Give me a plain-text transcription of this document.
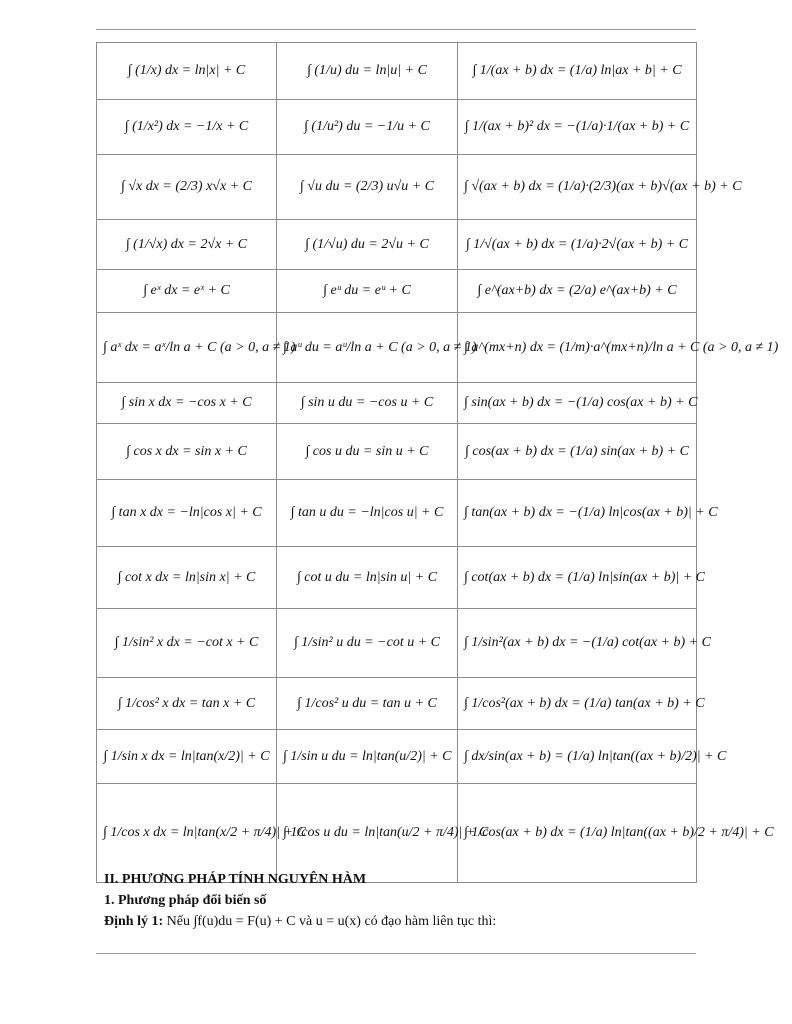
∫ (1/x) dx = ln|x| + C	∫ (1/u) du = ln|u| + C	∫ 1/(ax + b) dx = (1/a) ln|ax + b| + C
∫ (1/x²) dx = −1/x + C	∫ (1/u²) du = −1/u + C	∫ 1/(ax + b)² dx = −(1/a)·1/(ax + b) + C
∫ √x dx = (2/3) x√x + C	∫ √u du = (2/3) u√u + C	∫ √(ax + b) dx = (1/a)·(2/3)(ax + b)√(ax + b) + C
∫ (1/√x) dx = 2√x + C	∫ (1/√u) du = 2√u + C	∫ 1/√(ax + b) dx = (1/a)·2√(ax + b) + C
∫ eˣ dx = eˣ + C	∫ eᵘ du = eᵘ + C	∫ e^(ax+b) dx = (2/a) e^(ax+b) + C
∫ aˣ dx = aˣ/ln a + C (a > 0, a ≠ 1)	∫ aᵘ du = aᵘ/ln a + C (a > 0, a ≠ 1)	∫ a^(mx+n) dx = (1/m)·a^(mx+n)/ln a + C (a > 0, a ≠ 1)
∫ sin x dx = −cos x + C	∫ sin u du = −cos u + C	∫ sin(ax + b) dx = −(1/a) cos(ax + b) + C
∫ cos x dx = sin x + C	∫ cos u du = sin u + C	∫ cos(ax + b) dx = (1/a) sin(ax + b) + C
∫ tan x dx = −ln|cos x| + C	∫ tan u du = −ln|cos u| + C	∫ tan(ax + b) dx = −(1/a) ln|cos(ax + b)| + C
∫ cot x dx = ln|sin x| + C	∫ cot u du = ln|sin u| + C	∫ cot(ax + b) dx = (1/a) ln|sin(ax + b)| + C
∫ 1/sin² x dx = −cot x + C	∫ 1/sin² u du = −cot u + C	∫ 1/sin²(ax + b) dx = −(1/a) cot(ax + b) + C
∫ 1/cos² x dx = tan x + C	∫ 1/cos² u du = tan u + C	∫ 1/cos²(ax + b) dx = (1/a) tan(ax + b) + C
∫ 1/sin x dx = ln|tan(x/2)| + C	∫ 1/sin u du = ln|tan(u/2)| + C	∫ dx/sin(ax + b) = (1/a) ln|tan((ax + b)/2)| + C
∫ 1/cos x dx = ln|tan(x/2 + π/4)| + C	∫ 1/cos u du = ln|tan(u/2 + π/4)| + C	∫ 1/cos(ax + b) dx = (1/a) ln|tan((ax + b)/2 + π/4)| + C
II. PHƯƠNG PHÁP TÍNH NGUYÊN HÀM
1. Phương pháp đổi biến số
Định lý 1: Nếu ∫f(u)du = F(u) + C và u = u(x) có đạo hàm liên tục thì:
